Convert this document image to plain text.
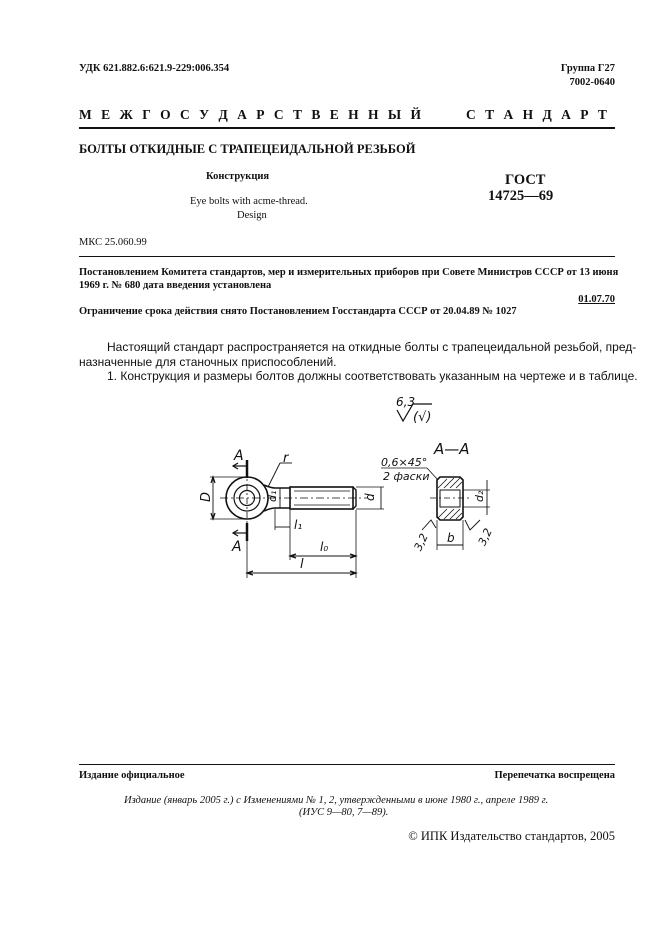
УДК 621.882.6:621.9-229:006.354	Группа Г27
7002-0640
М Е Ж Г О С У Д А Р С Т В Е Н Н Ы Й	С Т А Н Д А Р Т
БОЛТЫ ОТКИДНЫЕ С ТРАПЕЦЕИДАЛЬНОЙ РЕЗЬБОЙ
Конструкция
Eye bolts with acme-thread.
Design
ГОСТ
14725—69
МКС 25.060.99
Постановлением Комитета стандартов, мер и измерительных приборов при Совете Министров СССР от 13 июня
1969 г. № 680 дата введения установлена
01.07.70
Ограничение срока действия снято Постановлением Госстандарта СССР от 20.04.89 № 1027
Настоящий стандарт распространяется на откидные болты с трапецеидальной резьбой, пред-
назначенные для станочных приспособлений.
1. Конструкция и размеры болтов должны соответствовать указанным на чертеже и в таблице.
6,3
(√)
A
A
r
D	d
d₁
l₁
l₀
l
A—A
0,6×45°
2 фаски
d₂
b
3,2	3,2
Издание официальное	Перепечатка воспрещена
Издание (январь 2005 г.) с Изменениями № 1, 2, утвержденными в июне 1980 г., апреле 1989 г.
(ИУС 9—80, 7—89).
© ИПК Издательство стандартов, 2005
